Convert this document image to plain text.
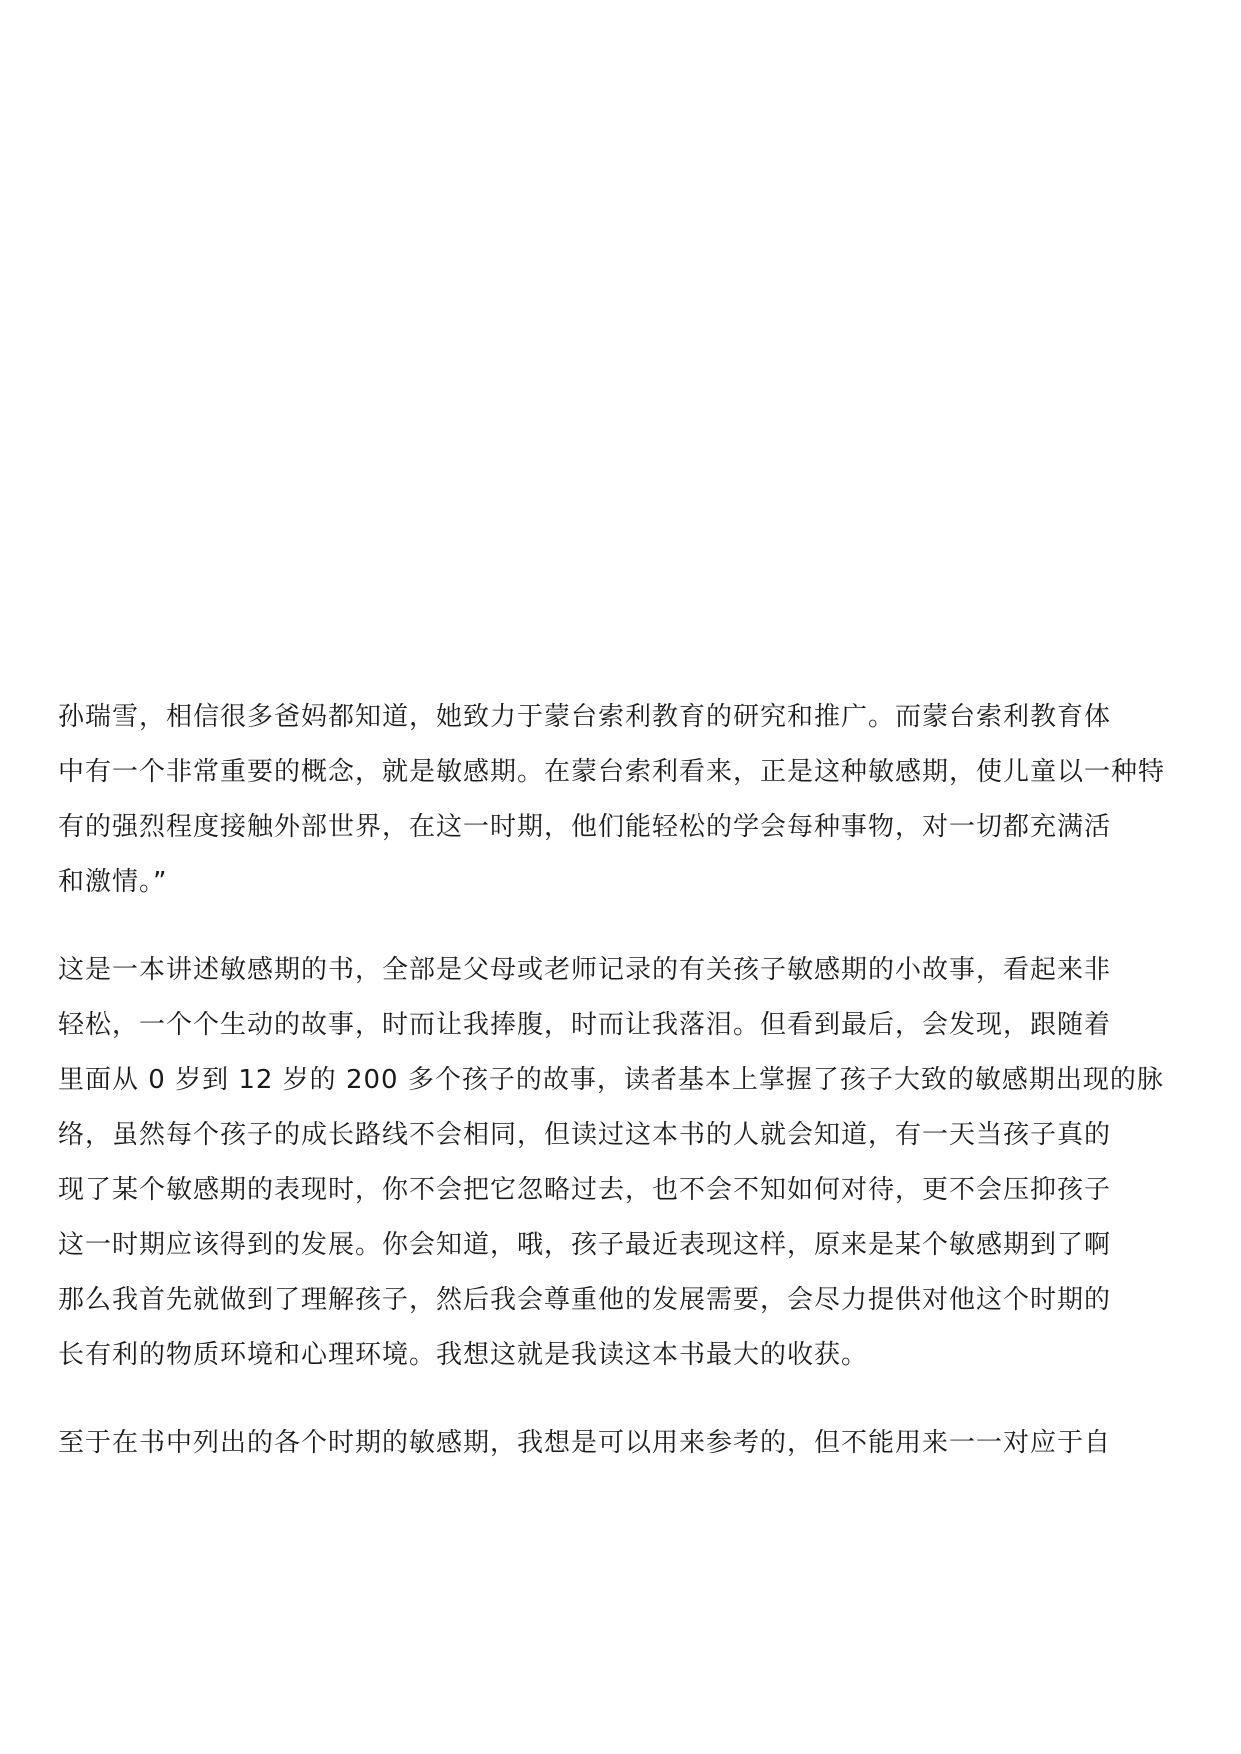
孙瑞雪，相信很多爸妈都知道，她致力于蒙台索利教育的研究和推广。而蒙台索利教育体
中有一个非常重要的概念，就是敏感期。在蒙台索利看来，正是这种敏感期，使儿童以一种特
有的强烈程度接触外部世界，在这一时期，他们能轻松的学会每种事物，对一切都充满活
和激情。”
这是一本讲述敏感期的书，全部是父母或老师记录的有关孩子敏感期的小故事，看起来非
轻松，一个个生动的故事，时而让我捧腹，时而让我落泪。但看到最后，会发现，跟随着
里面从 0 岁到 12 岁的 200 多个孩子的故事，读者基本上掌握了孩子大致的敏感期出现的脉
络，虽然每个孩子的成长路线不会相同，但读过这本书的人就会知道，有一天当孩子真的
现了某个敏感期的表现时，你不会把它忽略过去，也不会不知如何对待，更不会压抑孩子
这一时期应该得到的发展。你会知道，哦，孩子最近表现这样，原来是某个敏感期到了啊
那么我首先就做到了理解孩子，然后我会尊重他的发展需要，会尽力提供对他这个时期的
长有利的物质环境和心理环境。我想这就是我读这本书最大的收获。
至于在书中列出的各个时期的敏感期，我想是可以用来参考的，但不能用来一一对应于自
